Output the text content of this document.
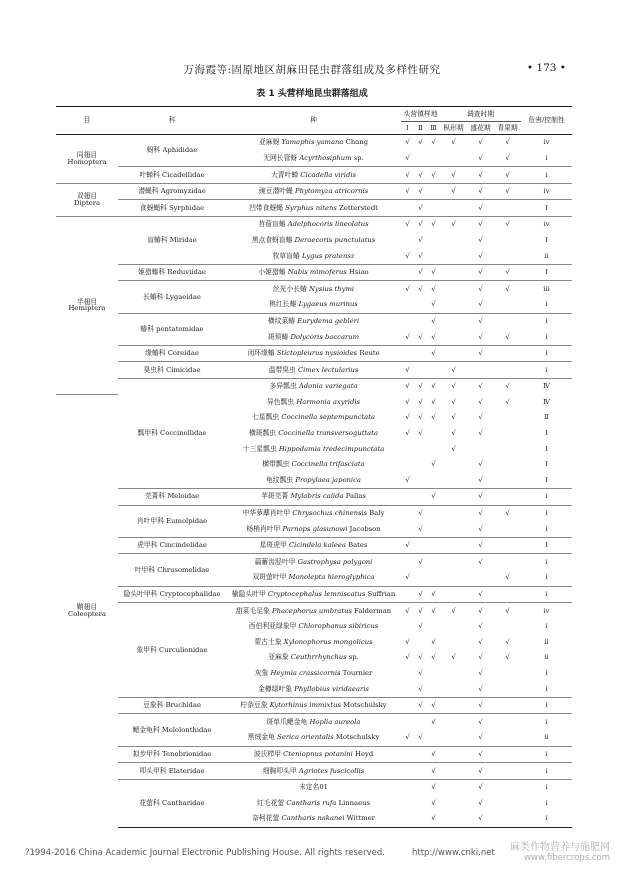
万海霞等:固原地区胡麻田昆虫群落组成及多样性研究	• 173 •
表 1 头营样地昆虫群落组成
目	科	种	头营镇样地			调查时期			危害/控制性
			Ⅰ	Ⅱ	Ⅲ	枞形期	盛花期	青果期	

同翅目
Homoptera	蚜科 Aphididae	亚麻蚜 Yamaphis yamana Chang	√	√	√	√	√	√	ⅳ
		无网长管蚜 Acyrthosiphum sp.	√				√	√	i
	叶蝉科 Cicadellidae	大青叶蝉 Cicadella viridis	√	√	√	√	√	√	i

双翅目
Diptera	潜蝇科 Agromyzidae	豌豆潜叶蝇 Phytomyza atricornis	√	√		√	√	√	ⅳ
	食蚜蝇科 Syrphidae	凹带食蚜蝇 Syrphus nitens Zetterstedt		√			√		Ⅰ

半翅目
Hemiptera	盲蝽科 Miridae	苜蓿盲蝽 Adelphocoris lineolatus	√	√	√	√	√	√	ⅳ
		黑点食蚜盲蝽 Deraecoris punctulatus		√			√		Ⅰ
		牧草盲蝽 Lygus pratensz	√	√			√		ⅱ
	姬猎蝽科 Reduviidae	小姬猎蝽 Nabis mimoferus Hsiao		√	√		√	√	Ⅰ
	长蝽科 Lygaeidae	丝光小长蝽 Nysius thymi	√	√	√		√	√	ⅲ
		桃红长蝽 Lygaeus murinus			√		√		i
	蝽科 pentatomidae	横纹菜蝽 Eurydema gebleri			√		√		i
		斑须蝽 Dolycoris baccarum	√	√	√		√	√	i
	缘蝽科 Coreidae	闭环缘蝽 Stictopleurus nysioides Reute			√		√		i
	臭虫科 Cimicidae	温带臭虫 Cimex lectularius	√			√			i
	瓢甲科 Coccinellidae	多异瓢虫 Adonia variegata	√	√	√	√	√	√	Ⅳ

鞘翅目
Coleoptera		异色瓢虫 Harmonia axyridis	√	√	√	√	√	√	Ⅳ
		七星瓢虫 Coccinella septempunctata	√	√	√	√	√		Ⅱ
		横斑瓢虫 Coccinella transversoguttata	√	√		√	√		Ⅰ
		十三星瓢虫 Hippodamia tredecimpunctata				√			Ⅰ
		横带瓢虫 Coccinella trifasciata			√		√		Ⅰ
		龟纹瓢虫 Propylaea japonica	√				√		Ⅰ
	芫菁科 Meloidae	苹斑芫菁 Mylabris calida Pallas			√		√		i
	肖叶甲科 Eumolpidae	中华萝藦肖叶甲 Chrysochus chinensis Baly		√			√	√	i
		杨梢肖叶甲 Parnops glasunowi Jacobson		√			√		i
	虎甲科 Cincindelidae	星斑虎甲 Cicindela kaleea Bates	√				√		Ⅰ
	叶甲科 Chrusomelidae	萹蓄齿胫叶甲 Gastrophysa polygoni		√			√		i
		双斑萤叶甲 Monolepta hieroglyphica	√					√	i
	隐头叶甲科 Cryptocephalidae	榆隐头叶甲 Cryptocephalus lemniscatus Suffrian		√	√		√		i
	象甲科 Curculionidae	甜菜毛足象 Phacephorus umbratus Falderman	√	√	√	√	√	√	ⅳ
		西伯利亚绿象甲 Chlorophanus sibiricus		√			√		i
		蒙古土象 Xylonophorus mongolicus	√		√		√	√	ⅱ
		亚麻象 Ceuthrrhynchus sp.	√	√	√	√	√	√	ⅱ
		灰象 Heymia crassicornis Tournier		√			√		i
		金樽绿叶象 Phyllobius viridaearis		√			√		i
	豆象科 Bruchidae	柠条豆象 Kytorhinus immixtus Motschulsky		√	√		√		i
	鳃金龟科 Melolonthidae	斑单爪鳃金龟 Hoplia aureola			√		√		i
		黑绒金龟 Serica orientalis Motschulsky	√	√			√		ⅱ
	拟步甲科 Tenebrionidae	波氏栉甲 Cteniopnus potanini Heyd			√		√		i
	叩头甲科 Elateridae	细胸叩头甲 Agriotes fuscicollis			√		√		i
	花萤科 Cantharidae	未定名01			√		√		i
		红毛花萤 Cantharis rufa Linnaeus			√		√		i
		奈柯花萤 Cantharis nakanei Wittmer			√		√		i
?1994-2016 China Academic Journal Electronic Publishing House. All rights reserved.	http://www.cnki.net 麻类作物营养与施肥网
www.fibercrops.com
